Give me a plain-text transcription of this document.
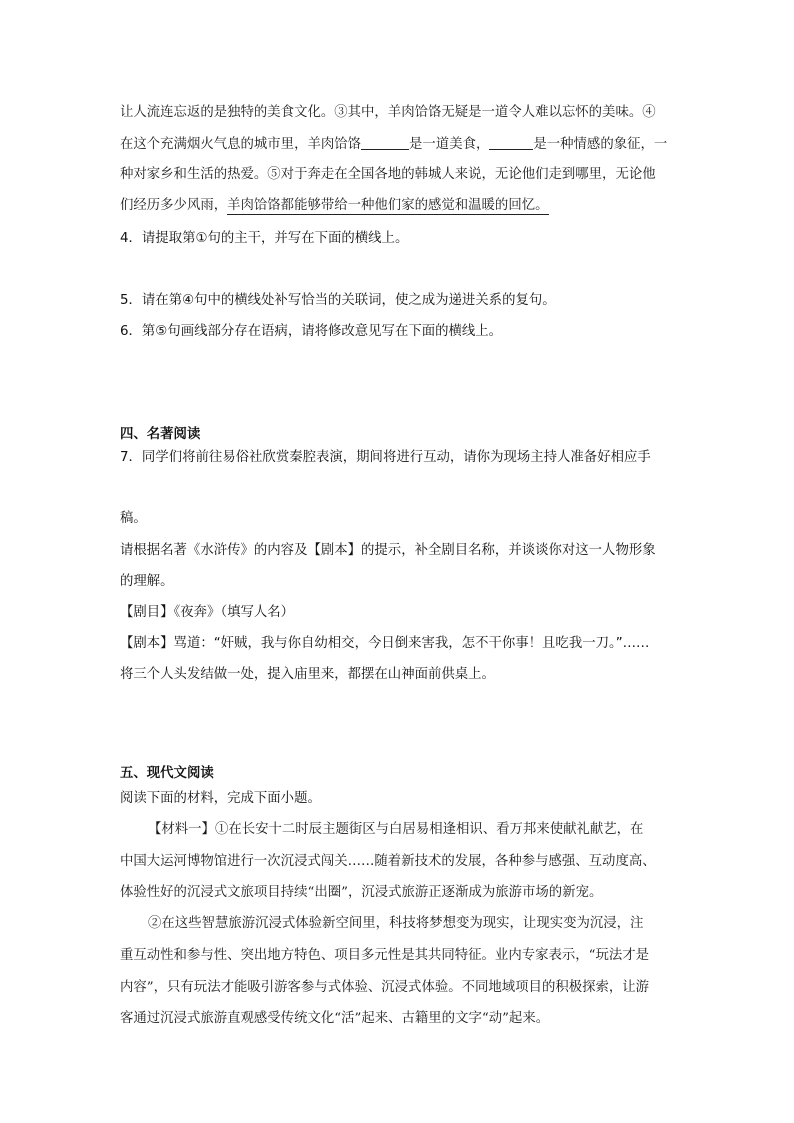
让人流连忘返的是独特的美食文化。③其中，羊肉饸饹无疑是一道令人难以忘怀的美味。④
在这个充满烟火气息的城市里，羊肉饸饹	是一道美食，	是一种情感的象征，一
种对家乡和生活的热爱。⑤对于奔走在全国各地的韩城人来说，无论他们走到哪里，无论他
们经历多少风雨，羊肉饸饹都能够带给一种他们家的感觉和温暖的回忆。
4．请提取第①句的主干，并写在下面的横线上。
5．请在第④句中的横线处补写恰当的关联词，使之成为递进关系的复句。
6．第⑤句画线部分存在语病，请将修改意见写在下面的横线上。
四、名著阅读
7．同学们将前往易俗社欣赏秦腔表演，期间将进行互动，请你为现场主持人准备好相应手
稿。
请根据名著《水浒传》的内容及【剧本】的提示，补全剧目名称，并谈谈你对这一人物形象
的理解。
【剧目】《夜奔》（填写人名）
【剧本】骂道：“奸贼，我与你自幼相交，今日倒来害我，怎不干你事！且吃我一刀。”……
将三个人头发结做一处，提入庙里来，都摆在山神面前供桌上。
五、现代文阅读
阅读下面的材料，完成下面小题。
【材料一】①在长安十二时辰主题街区与白居易相逢相识、看万邦来使献礼献艺，在
中国大运河博物馆进行一次沉浸式闯关……随着新技术的发展，各种参与感强、互动度高、
体验性好的沉浸式文旅项目持续“出圈”，沉浸式旅游正逐渐成为旅游市场的新宠。
②在这些智慧旅游沉浸式体验新空间里，科技将梦想变为现实，让现实变为沉浸，注
重互动性和参与性、突出地方特色、项目多元性是其共同特征。业内专家表示，“玩法才是
内容”，只有玩法才能吸引游客参与式体验、沉浸式体验。不同地域项目的积极探索，让游
客通过沉浸式旅游直观感受传统文化“活”起来、古籍里的文字“动”起来。
